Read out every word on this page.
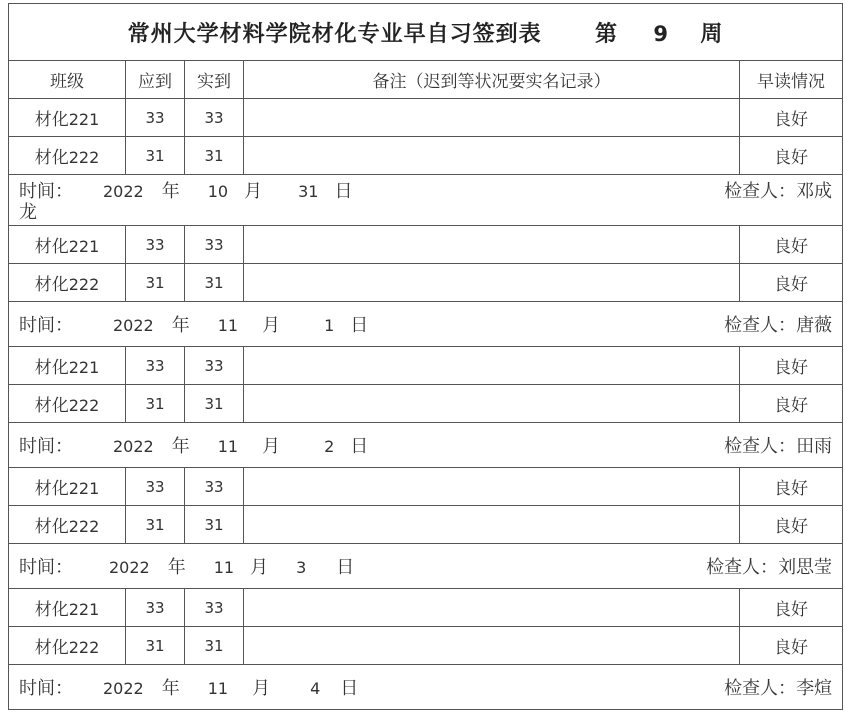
常州大学材料学院材化专业早自习签到表 第 9 周				
班级	应到	实到	备注（迟到等状况要实名记录）	早读情况
材化221	33	33		良好
材化222	31	31		良好

时间： 2022 年 10 月 31 日 检查人：邓成
龙				

材化221	33	33		良好
材化222	31	31		良好

时间： 2022 年 11 月 1 日 检查人：唐薇				

材化221	33	33		良好
材化222	31	31		良好

时间： 2022 年 11 月 2 日 检查人：田雨				

材化221	33	33		良好
材化222	31	31		良好

时间： 2022 年 11 月 3 日 检查人：刘思莹				

材化221	33	33		良好
材化222	31	31		良好

时间： 2022 年 11 月 4 日 检查人：李煊				
